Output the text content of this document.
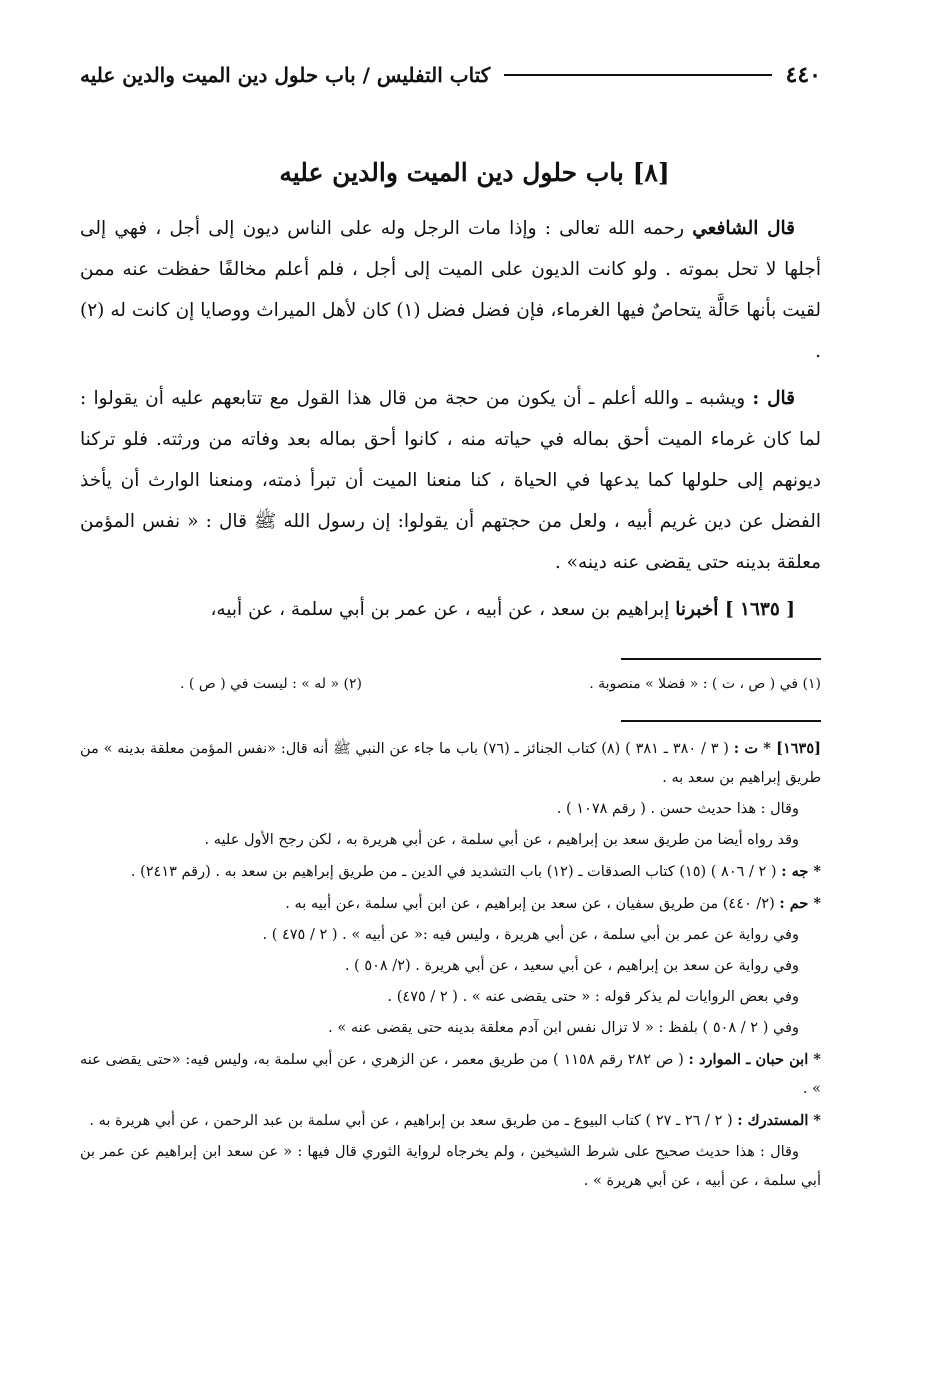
٤٤٠
كتاب التفليس / باب حلول دين الميت والدين عليه
[٨] باب حلول دين الميت والدين عليه

قال الشافعي رحمه الله تعالى : وإذا مات الرجل وله على الناس ديون إلى أجل ، فهي إلى أجلها لا تحل بموته . ولو كانت الديون على الميت إلى أجل ، فلم أعلم مخالفًا حفظت عنه ممن لقيت بأنها حَالَّة يتحاصٌ فيها الغرماء، فإن فضل فضل (١) كان لأهل الميراث ووصايا إن كانت له (٢) .

قال : ويشبه ـ والله أعلم ـ أن يكون من حجة من قال هذا القول مع تتابعهم عليه أن يقولوا : لما كان غرماء الميت أحق بماله في حياته منه ، كانوا أحق بماله بعد وفاته من ورثته. فلو تركنا ديونهم إلى حلولها كما يدعها في الحياة ، كنا منعنا الميت أن تبرأ ذمته، ومنعنا الوارث أن يأخذ الفضل عن دين غريم أبيه ، ولعل من حجتهم أن يقولوا: إن رسول الله ﷺ قال : « نفس المؤمن معلقة بدينه حتى يقضى عنه دينه» .

[ ١٦٣٥ ] أخبرنا إبراهيم بن سعد ، عن أبيه ، عن عمر بن أبي سلمة ، عن أبيه،

(١) في ( ص ، ت ) : « فضلا » منصوبة .
(٢) « له » : ليست في ( ص ) .

[١٦٣٥] * ت : ( ٣ / ٣٨٠ ـ ٣٨١ ) (٨) كتاب الجنائز ـ (٧٦) باب ما جاء عن النبي ﷺ أنه قال: «نفس المؤمن معلقة بدينه » من طريق إبراهيم بن سعد به .

وقال : هذا حديث حسن . ( رقم ١٠٧٨ ) .

وقد رواه أيضا من طريق سعد بن إبراهيم ، عن أبي سلمة ، عن أبي هريرة به ، لكن رجح الأول عليه .

* جه : ( ٢ / ٨٠٦ ) (١٥) كتاب الصدقات ـ (١٢) باب التشديد في الدين ـ من طريق إبراهيم بن سعد به . (رقم ٢٤١٣) .

* حم : (٢/ ٤٤٠) من طريق سفيان ، عن سعد بن إبراهيم ، عن ابن أبي سلمة ،عن أبيه به .

وفي رواية عن عمر بن أبي سلمة ، عن أبي هريرة ، وليس فيه :« عن أبيه » . ( ٢ / ٤٧٥ ) .

وفي رواية عن سعد بن إبراهيم ، عن أبي سعيد ، عن أبي هريرة . (٢/ ٥٠٨ ) .

وفي بعض الروايات لم يذكر قوله : « حتى يقضى عنه » . ( ٢ / ٤٧٥) .

وفي ( ٢ / ٥٠٨ ) بلفظ : « لا تزال نفس ابن آدم معلقة بدينه حتى يقضى عنه » .

* ابن حبان ـ الموارد : ( ص ٢٨٢ رقم ١١٥٨ ) من طريق معمر ، عن الزهري ، عن أبي سلمة به، وليس فيه: «حتى يقضى عنه » .

* المستدرك : ( ٢ / ٢٦ ـ ٢٧ ) كتاب البيوع ـ من طريق سعد بن إبراهيم ، عن أبي سلمة بن عبد الرحمن ، عن أبي هريرة به .

وقال : هذا حديث صحيح على شرط الشيخين ، ولم يخرجاه لرواية الثوري قال فيها : « عن سعد ابن إبراهيم عن عمر بن أبي سلمة ، عن أبيه ، عن أبي هريرة » .
